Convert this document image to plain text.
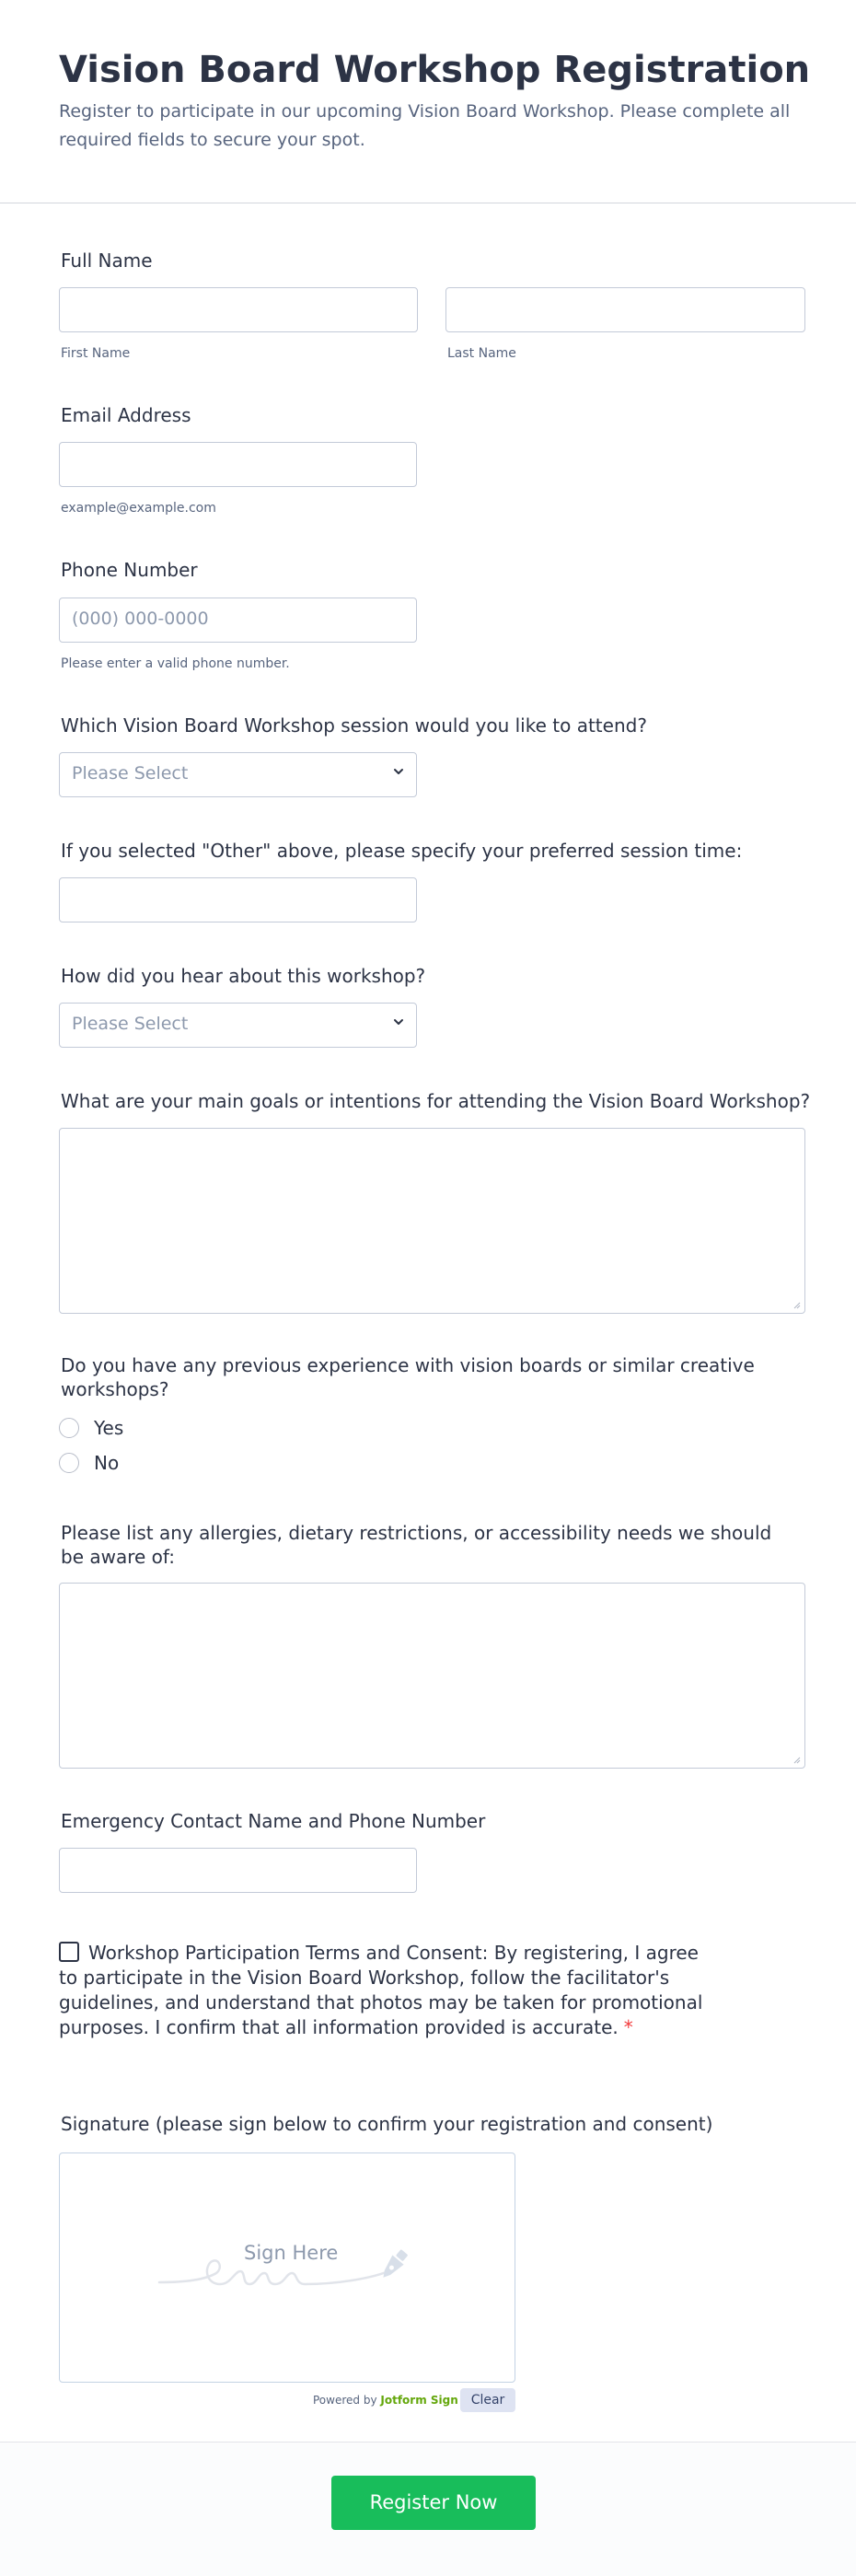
Vision Board Workshop Registration
Register to participate in our upcoming Vision Board Workshop. Please complete all required fields to secure your spot.
Full Name
First Name	Last Name
Email Address
example@example.com
Phone Number
(000) 000-0000
Please enter a valid phone number.
Which Vision Board Workshop session would you like to attend?
Please Select
If you selected "Other" above, please specify your preferred session time:
How did you hear about this workshop?
Please Select
What are your main goals or intentions for attending the Vision Board Workshop?
Do you have any previous experience with vision boards or similar creative workshops?
Yes
No
Please list any allergies, dietary restrictions, or accessibility needs we should be aware of:
Emergency Contact Name and Phone Number
Workshop Participation Terms and Consent: By registering, I agree to participate in the Vision Board Workshop, follow the facilitator's guidelines, and understand that photos may be taken for promotional purposes. I confirm that all information provided is accurate. *
Signature (please sign below to confirm your registration and consent)
Sign Here
Powered by Jotform Sign Clear
Register Now
